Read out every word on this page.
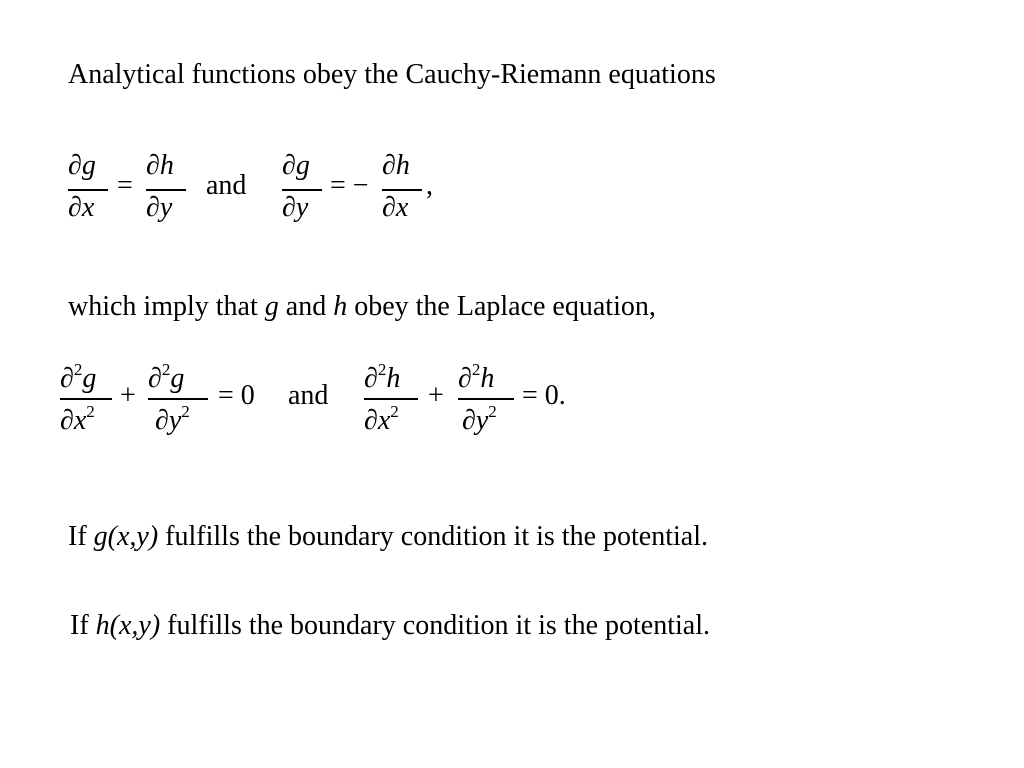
Analytical functions obey the Cauchy-Riemann equations
∂g
∂x
=
∂h
∂y
and
∂g
∂y
= −
∂h
∂x
,
which imply that g and h obey the Laplace equation,
∂$^2$g
$\partial x^2$
+
∂$^2$g
$\partial y^2$
= 0 and
∂$^2$h
$\partial x^2$
+
∂$^2$h
$\partial y^2$
= 0.
If g(x,y) fulfills the boundary condition it is the potential.
If h(x,y) fulfills the boundary condition it is the potential.
